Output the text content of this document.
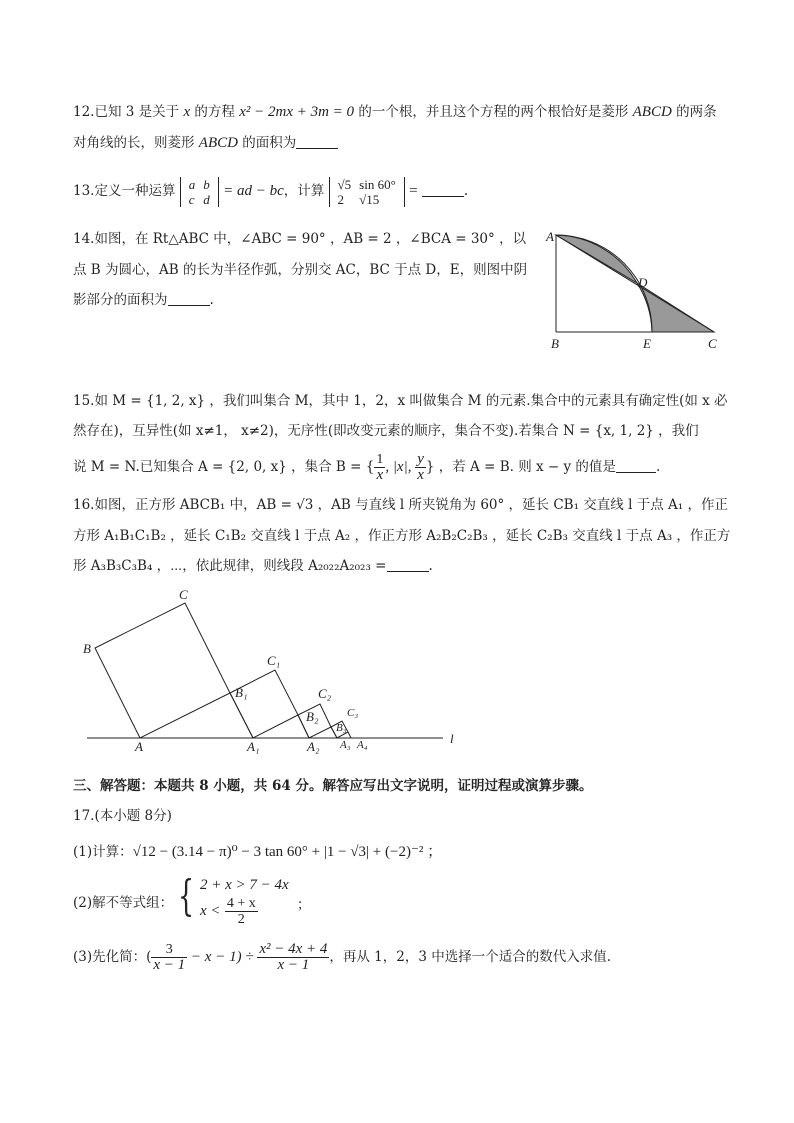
12.已知 3 是关于 x 的方程 x² − 2mx + 3m = 0 的一个根，并且这个方程的两个根恰好是菱形 ABCD 的两条
对角线的长，则菱形 ABCD 的面积为
13.定义一种运算 a	b
c	d = ad − bc，计算 √5	sin 60°
2	√15 =	.
14.如图，在 Rt△ABC 中，∠ABC = 90° ，AB = 2 ，∠BCA = 30° ，以
点 B 为圆心，AB 的长为半径作弧，分别交 AC，BC 于点 D，E，则图中阴
影部分的面积为	.
A
D
B	E	C
15.如 M = {1, 2, x} ，我们叫集合 M，其中 1，2，x 叫做集合 M 的元素.集合中的元素具有确定性(如 x 必
然存在)，互异性(如 x≠1， x≠2)，无序性(即改变元素的顺序，集合不变).若集合 N = {x, 1, 2} ，我们
说 M = N.已知集合 A = {2, 0, x} ，集合 B = { $\frac{1}{x}$ , |x|, $\frac{y}{x}$ } ，若 A = B. 则 x − y 的值是	.
16.如图，正方形 ABCB₁ 中，AB = √3 ，AB 与直线 l 所夹锐角为 60° ，延长 CB₁ 交直线 l 于点 A₁ ，作正
方形 A₁B₁C₁B₂ ，延长 C₁B₂ 交直线 l 于点 A₂ ，作正方形 A₂B₂C₂B₃ ，延长 C₂B₃ 交直线 l 于点 A₃ ，作正方
形 A₃B₃C₃B₄ ，⋯，依此规律，则线段 A₂₀₂₂A₂₀₂₃ =	.
C
B
A
B₁
C₁
A₁
B₂
C₂
A₂
B₃
C₃
A₃ A₄	l
三、解答题：本题共 8 小题，共 64 分。解答应写出文字说明，证明过程或演算步骤。
17.(本小题 8分)
(1)计算：√12 − (3.14 − π)⁰ − 3 tan 60° + |1 − √3| + (−2)⁻² ；
(2)解不等式组： { 2 + x > 7 − 4x
$x < \frac{4 + x}{2}$	；
(3)先化简：( $\frac{3}{x - 1} - x - 1) \div \frac{\text{x² − 4x + 4}}{x - 1}$ ，再从 1，2，3 中选择一个适合的数代入求值.
